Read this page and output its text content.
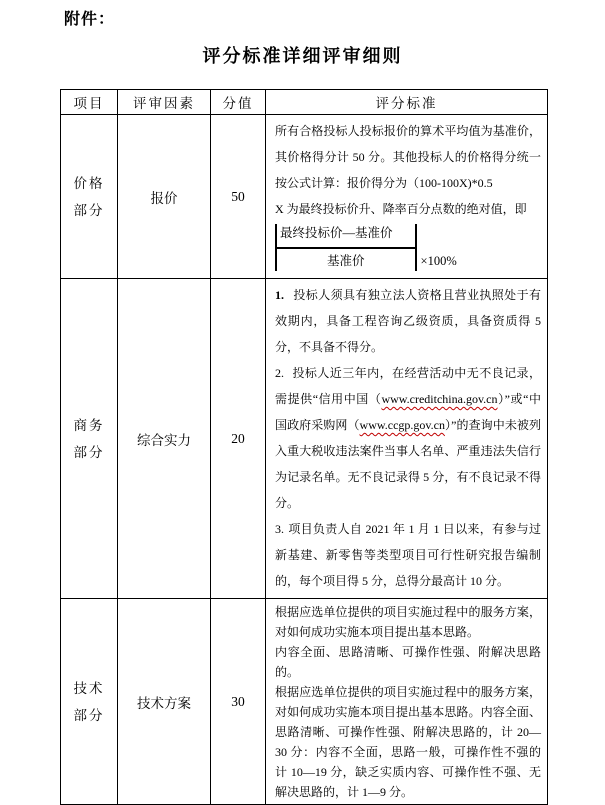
附件：
评分标准详细评审细则
项目	评审因素	分值	评分标准
价格部分	报价	50	所有合格投标人投标报价的算术平均值为基准价，其价格得分计 50 分。其他投标人的价格得分统一按公式计算：报价得分为（100-100X)*0.5

X 为最终投标价升、降率百分点数的绝对值，即

$\frac{\text{最终投标价—基准价}}{\text{基准价}} \times 100\%$

商务部分	综合实力	20	1. 投标人须具有独立法人资格且营业执照处于有效期内，具备工程咨询乙级资质，具备资质得 5 分，不具备不得分。

2. 投标人近三年内，在经营活动中无不良记录，需提供“信用中国（www.creditchina.gov.cn）”或“中国政府采购网（www.ccgp.gov.cn）”的查询中未被列入重大税收违法案件当事人名单、严重违法失信行为记录名单。无不良记录得 5 分，有不良记录不得分。

3. 项目负责人自 2021 年 1 月 1 日以来，有参与过新基建、新零售等类型项目可行性研究报告编制的，每个项目得 5 分，总得分最高计 10 分。

技术部分	技术方案	30	根据应选单位提供的项目实施过程中的服务方案，对如何成功实施本项目提出基本思路。

内容全面、思路清晰、可操作性强、附解决思路的。

根据应选单位提供的项目实施过程中的服务方案，对如何成功实施本项目提出基本思路。内容全面、思路清晰、可操作性强、附解决思路的，计 20—30 分：内容不全面，思路一般，可操作性不强的计 10—19 分，缺乏实质内容、可操作性不强、无解决思路的，计 1—9 分。
